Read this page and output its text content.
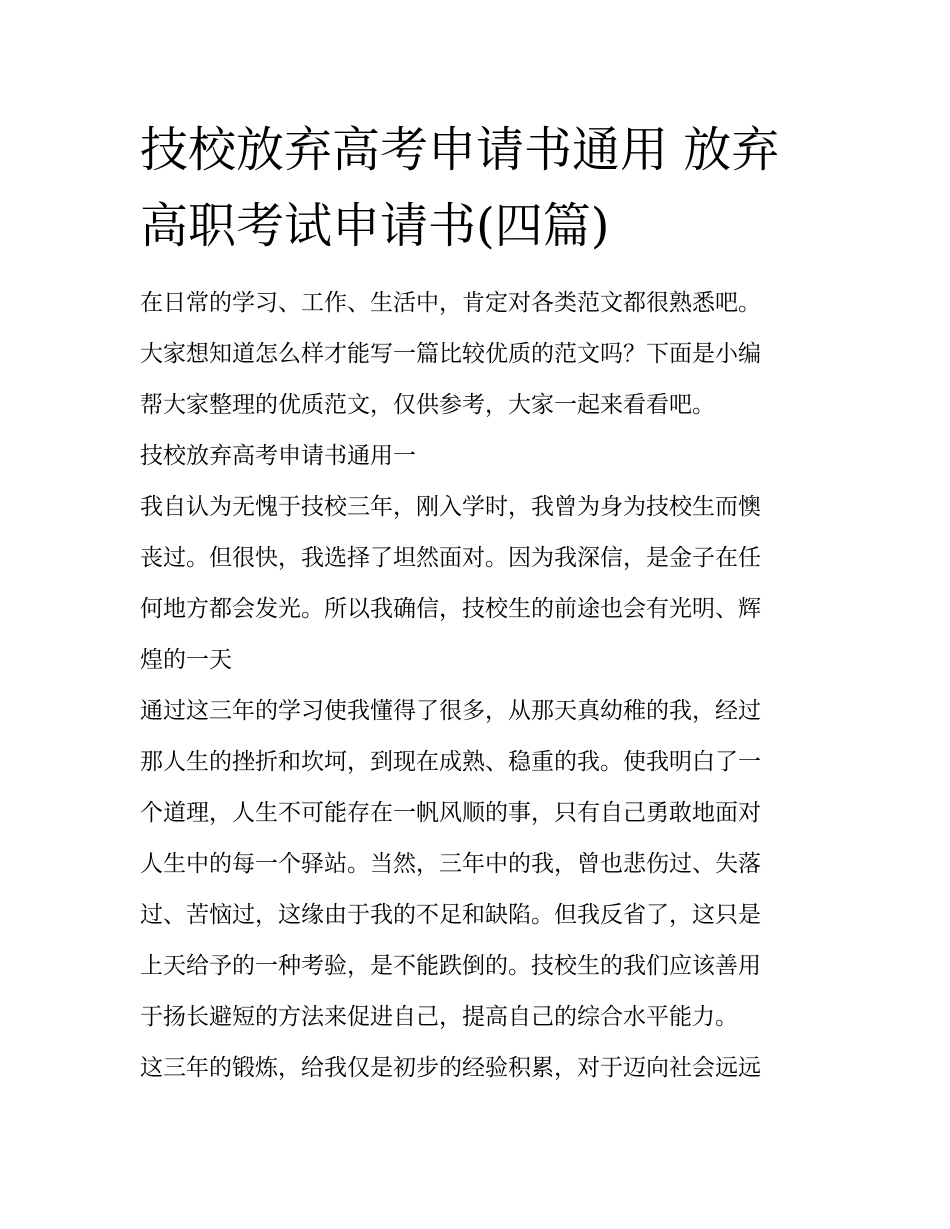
技校放弃高考申请书通用 放弃高职考试申请书(四篇)
在日常的学习、工作、生活中，肯定对各类范文都很熟悉吧。
大家想知道怎么样才能写一篇比较优质的范文吗？下面是小编
帮大家整理的优质范文，仅供参考，大家一起来看看吧。
技校放弃高考申请书通用一
我自认为无愧于技校三年，刚入学时，我曾为身为技校生而懊
丧过。但很快，我选择了坦然面对。因为我深信，是金子在任
何地方都会发光。所以我确信，技校生的前途也会有光明、辉
煌的一天
通过这三年的学习使我懂得了很多，从那天真幼稚的我，经过
那人生的挫折和坎坷，到现在成熟、稳重的我。使我明白了一
个道理，人生不可能存在一帆风顺的事，只有自己勇敢地面对
人生中的每一个驿站。当然，三年中的我，曾也悲伤过、失落
过、苦恼过，这缘由于我的不足和缺陷。但我反省了，这只是
上天给予的一种考验，是不能跌倒的。技校生的我们应该善用
于扬长避短的方法来促进自己，提高自己的综合水平能力。
这三年的锻炼，给我仅是初步的经验积累，对于迈向社会远远
